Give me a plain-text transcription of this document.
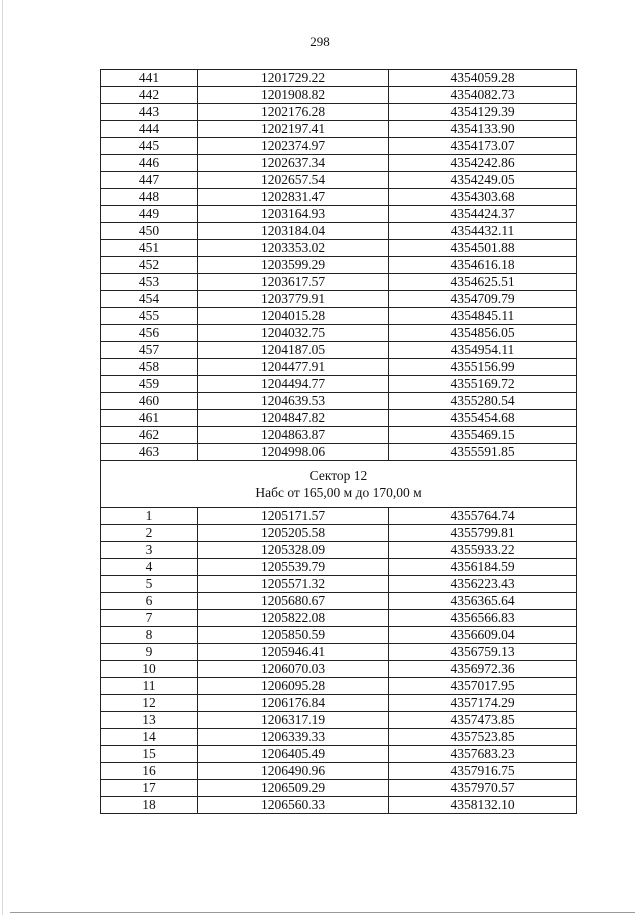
298
441	1201729.22	4354059.28
442	1201908.82	4354082.73
443	1202176.28	4354129.39
444	1202197.41	4354133.90
445	1202374.97	4354173.07
446	1202637.34	4354242.86
447	1202657.54	4354249.05
448	1202831.47	4354303.68
449	1203164.93	4354424.37
450	1203184.04	4354432.11
451	1203353.02	4354501.88
452	1203599.29	4354616.18
453	1203617.57	4354625.51
454	1203779.91	4354709.79
455	1204015.28	4354845.11
456	1204032.75	4354856.05
457	1204187.05	4354954.11
458	1204477.91	4355156.99
459	1204494.77	4355169.72
460	1204639.53	4355280.54
461	1204847.82	4355454.68
462	1204863.87	4355469.15
463	1204998.06	4355591.85

Сектор 12
Набс от 165,00 м до 170,00 м		

1	1205171.57	4355764.74
2	1205205.58	4355799.81
3	1205328.09	4355933.22
4	1205539.79	4356184.59
5	1205571.32	4356223.43
6	1205680.67	4356365.64
7	1205822.08	4356566.83
8	1205850.59	4356609.04
9	1205946.41	4356759.13
10	1206070.03	4356972.36
11	1206095.28	4357017.95
12	1206176.84	4357174.29
13	1206317.19	4357473.85
14	1206339.33	4357523.85
15	1206405.49	4357683.23
16	1206490.96	4357916.75
17	1206509.29	4357970.57
18	1206560.33	4358132.10
